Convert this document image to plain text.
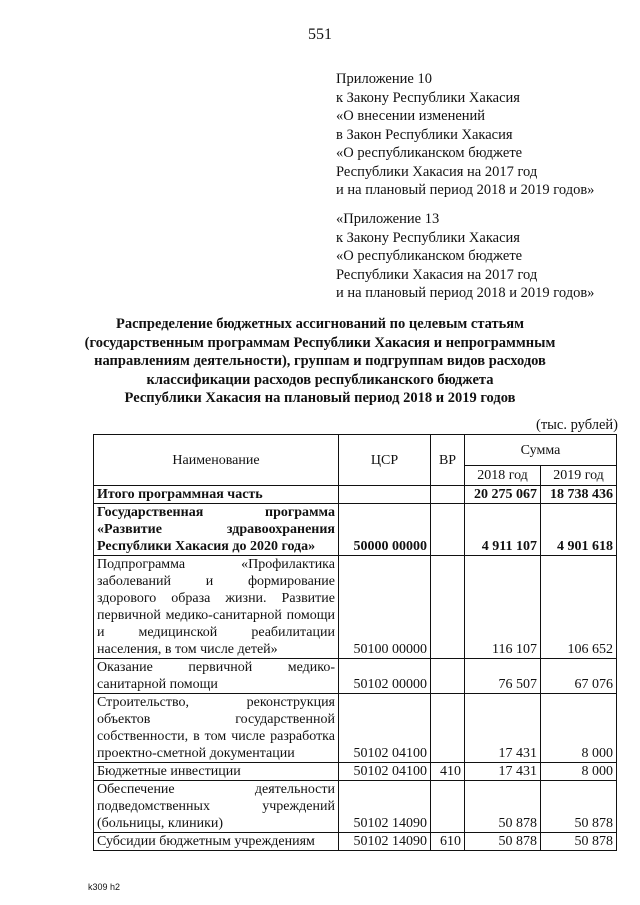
551
Приложение 10
к Закону Республики Хакасия
«О внесении изменений
в Закон Республики Хакасия
«О республиканском бюджете
Республики Хакасия на 2017 год
и на плановый период 2018 и 2019 годов»
«Приложение 13
к Закону Республики Хакасия
«О республиканском бюджете
Республики Хакасия на 2017 год
и на плановый период 2018 и 2019 годов»
Распределение бюджетных ассигнований по целевым статьям
(государственным программам Республики Хакасия и непрограммным
направлениям деятельности), группам и подгруппам видов расходов
классификации расходов республиканского бюджета
Республики Хакасия на плановый период 2018 и 2019 годов
(тыс. рублей)
Наименование	ЦСР	ВР	Сумма	
			2018 год	2019 год
Итого программная часть			20 275 067	18 738 436
Государственная программа «Развитие здравоохранения Республики Хакасия до 2020 года»	50000 00000		4 911 107	4 901 618
Подпрограмма «Профилактика заболеваний и формирование здорового образа жизни. Развитие первичной медико-санитарной помощи и медицинской реабилитации населения, в том числе детей»	50100 00000		116 107	106 652
Оказание первичной медико-санитарной помощи	50102 00000		76 507	67 076
Строительство, реконструкция объектов государственной собственности, в том числе разработка проектно-сметной документации	50102 04100		17 431	8 000
Бюджетные инвестиции	50102 04100	410	17 431	8 000
Обеспечение деятельности подведомственных учреждений (больницы, клиники)	50102 14090		50 878	50 878
Субсидии бюджетным учреждениям	50102 14090	610	50 878	50 878
k309 h2
